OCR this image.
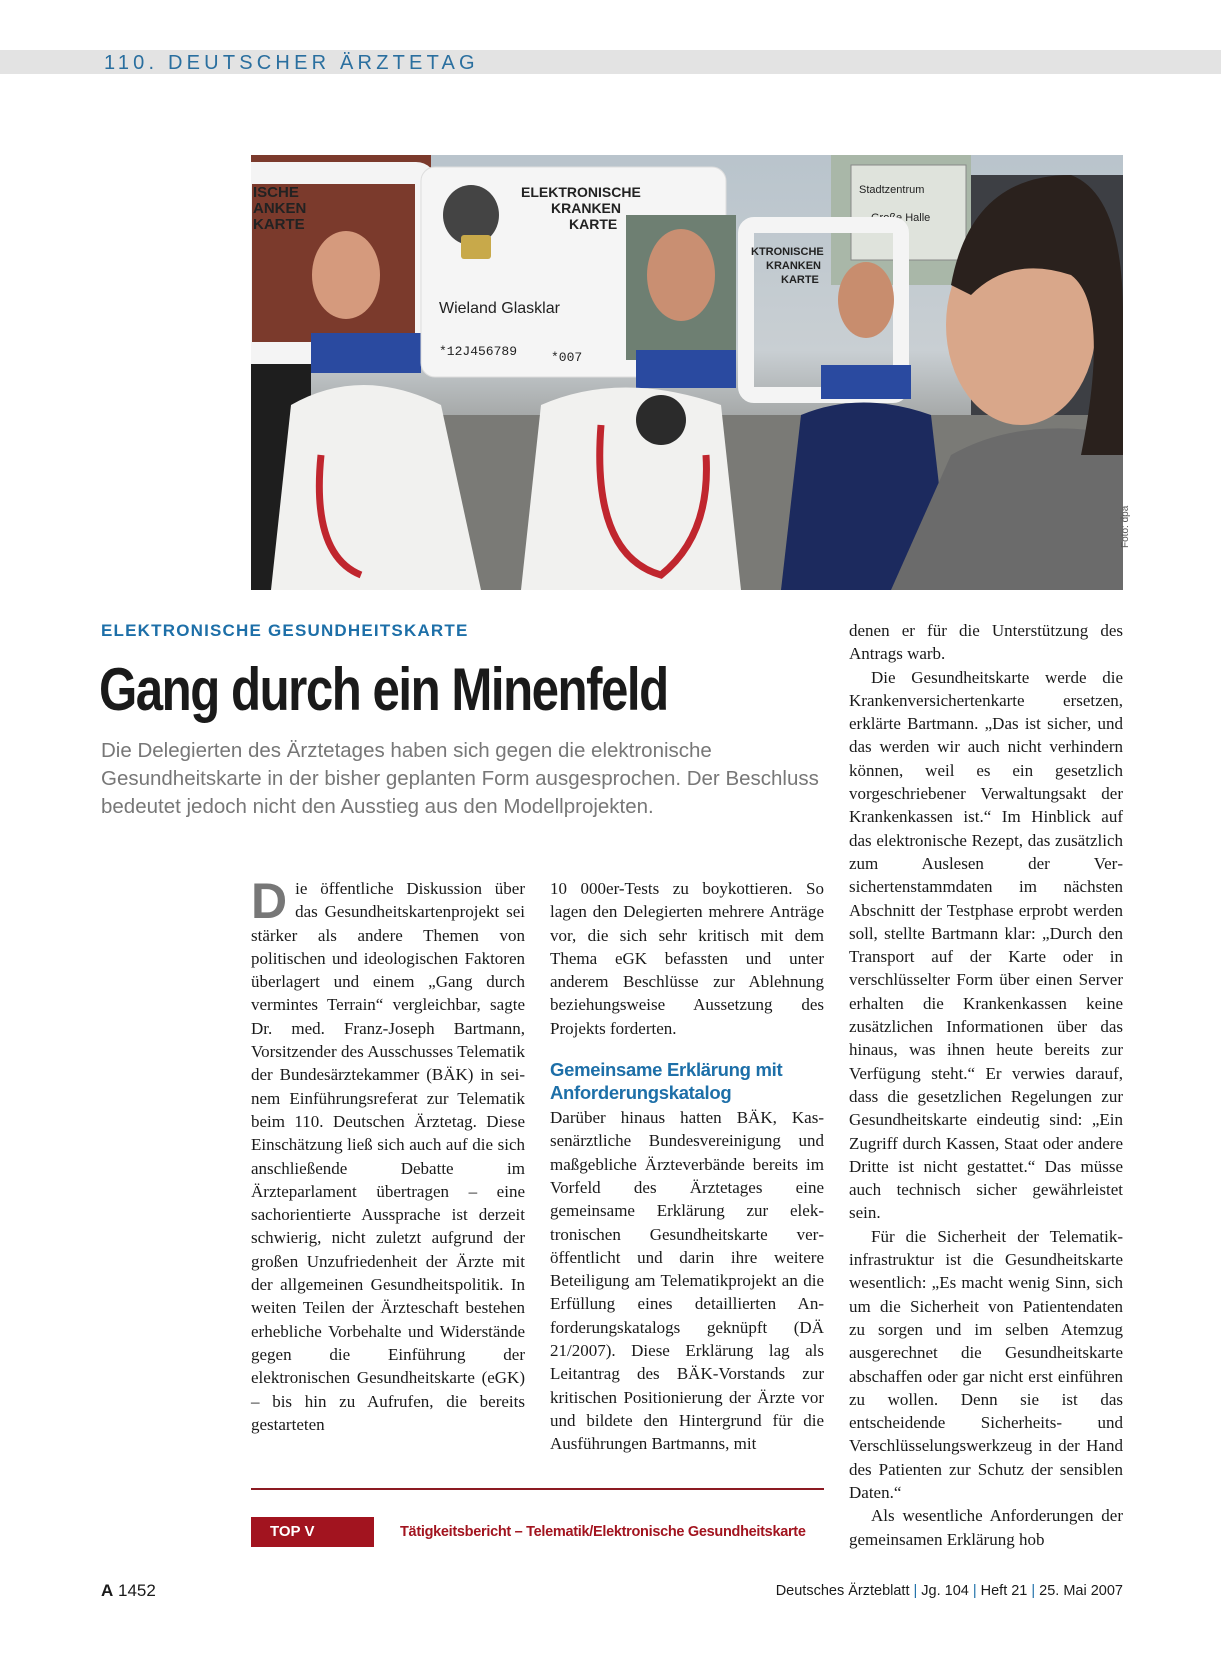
110. DEUTSCHER ÄRZTETAG
Stadtzentrum
Große Halle
ISCHE
ANKEN
KARTE
ELEKTRONISCHE
KRANKEN
KARTE
Wieland Glasklar
*12J456789	*007
KTRONISCHE
KRANKEN
KARTE
Foto: dpa
ELEKTRONISCHE GESUNDHEITSKARTE
Gang durch ein Minenfeld
Die Delegierten des Ärztetages haben sich gegen die elektronische Gesundheitskarte in der bisher geplanten Form ausgesprochen. Der Beschluss bedeutet jedoch nicht den Ausstieg aus den Modellprojekten.

Die öffentliche Diskussion über das Gesundheitskartenprojekt sei stärker als andere Themen von politischen und ideologischen Faktoren überlagert und einem „Gang durch vermintes Terrain“ vergleichbar, sagte Dr. med. Franz-Joseph Bartmann, Vorsitzender des Ausschusses Telematik der Bundesärztekammer (BÄK) in seinem Einführungsreferat zur Telematik beim 110. Deutschen Ärztetag. Diese Einschätzung ließ sich auch auf die sich anschließende Debatte im Ärzteparlament übertragen – eine sachorientierte Aussprache ist derzeit schwierig, nicht zuletzt aufgrund der großen Unzufriedenheit der Ärzte mit der allgemeinen Gesundheitspolitik. In weiten Teilen der Ärzteschaft bestehen erhebliche Vorbehalte und Widerstände gegen die Einführung der elektronischen Gesundheitskarte (eGK) – bis hin zu Aufrufen, die bereits gestarteten

10 000er-Tests zu boykottieren. So lagen den Delegierten mehrere Anträge vor, die sich sehr kritisch mit dem Thema eGK befassten und unter anderem Beschlüsse zur Ablehnung beziehungsweise Aussetzung des Projekts forderten.

Gemeinsame Erklärung mit Anforderungskatalog

Darüber hinaus hatten BÄK, Kassenärztliche Bundesvereinigung und maßgebliche Ärzteverbände bereits im Vorfeld des Ärztetages eine gemeinsame Erklärung zur elektronischen Gesundheitskarte veröffentlicht und darin ihre weitere Beteiligung am Telematikprojekt an die Erfüllung eines detaillierten Anforderungskatalogs geknüpft (DÄ 21/2007). Diese Erklärung lag als Leitantrag des BÄK-Vorstands zur kritischen Positionierung der Ärzte vor und bildete den Hintergrund für die Ausführungen Bartmanns, mit

denen er für die Unterstützung des Antrags warb.

Die Gesundheitskarte werde die Krankenversichertenkarte ersetzen, erklärte Bartmann. „Das ist sicher, und das werden wir auch nicht verhindern können, weil es ein gesetzlich vorgeschriebener Verwaltungsakt der Krankenkassen ist.“ Im Hinblick auf das elektronische Rezept, das zusätzlich zum Auslesen der Versichertenstammdaten im nächsten Abschnitt der Testphase erprobt werden soll, stellte Bartmann klar: „Durch den Transport auf der Karte oder in verschlüsselter Form über einen Server erhalten die Krankenkassen keine zusätzlichen Informationen über das hinaus, was ihnen heute bereits zur Verfügung steht.“ Er verwies darauf, dass die gesetzlichen Regelungen zur Gesundheitskarte eindeutig sind: „Ein Zugriff durch Kassen, Staat oder andere Dritte ist nicht gestattet.“ Das müsse auch technisch sicher gewährleistet sein.

Für die Sicherheit der Telematikinfrastruktur ist die Gesundheitskarte wesentlich: „Es macht wenig Sinn, sich um die Sicherheit von Patientendaten zu sorgen und im selben Atemzug ausgerechnet die Gesundheitskarte abschaffen oder gar nicht erst einführen zu wollen. Denn sie ist das entscheidende Sicherheits- und Verschlüsselungswerkzeug in der Hand des Patienten zur Schutz der sensiblen Daten.“

Als wesentliche Anforderungen der gemeinsamen Erklärung hob

TOP V	Tätigkeitsbericht – Telematik/Elektronische Gesundheitskarte
A 1452	Deutsches Ärzteblatt | Jg. 104 | Heft 21 | 25. Mai 2007
